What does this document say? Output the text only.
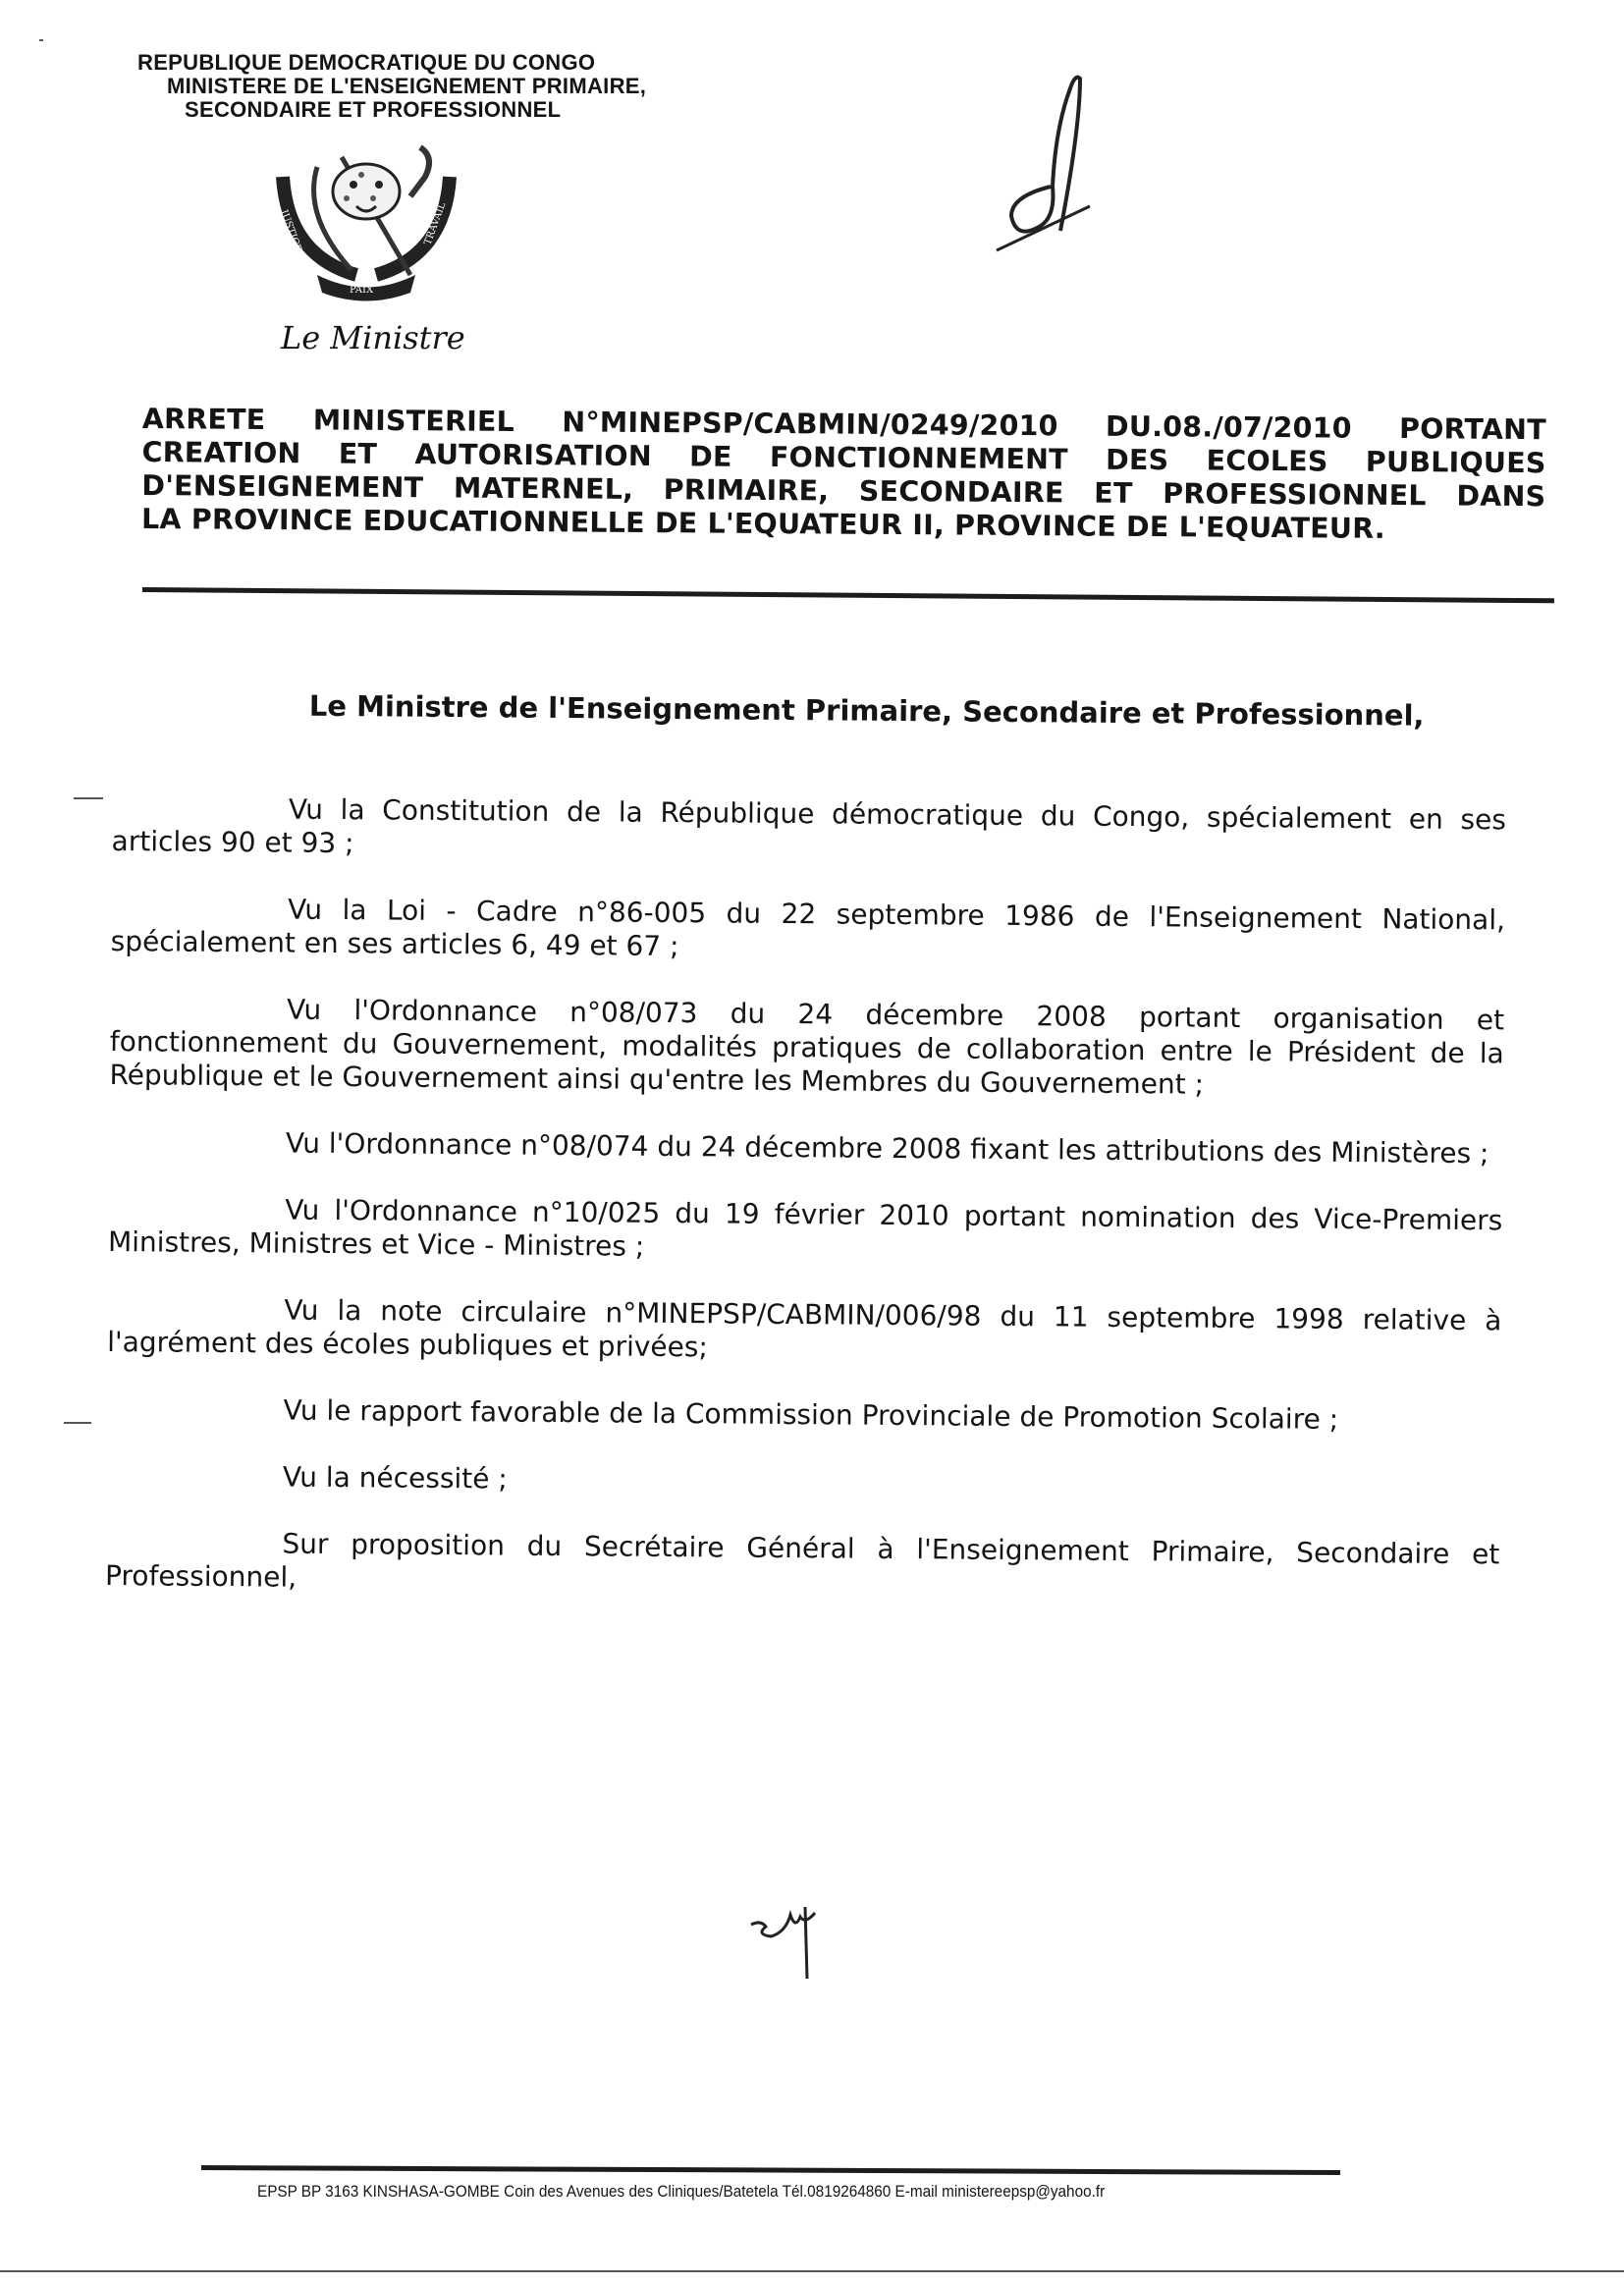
REPUBLIQUE DEMOCRATIQUE DU CONGO
MINISTERE DE L'ENSEIGNEMENT PRIMAIRE,
SECONDAIRE ET PROFESSIONNEL
JUSTICE
PAIX
TRAVAIL
Le Ministre
ARRETE MINISTERIEL N°MINEPSP/CABMIN/0249/2010 DU.08./07/2010 PORTANT
CREATION ET AUTORISATION DE FONCTIONNEMENT DES ECOLES PUBLIQUES
D'ENSEIGNEMENT MATERNEL, PRIMAIRE, SECONDAIRE ET PROFESSIONNEL DANS
LA PROVINCE EDUCATIONNELLE DE L'EQUATEUR II, PROVINCE DE L'EQUATEUR.
Le Ministre de l'Enseignement Primaire, Secondaire et Professionnel,

Vu la Constitution de la République démocratique du Congo, spécialement en ses articles 90 et 93 ;

Vu la Loi - Cadre n°86-005 du 22 septembre 1986 de l'Enseignement National, spécialement en ses articles 6, 49 et 67 ;

Vu l'Ordonnance n°08/073 du 24 décembre 2008 portant organisation et fonctionnement du Gouvernement, modalités pratiques de collaboration entre le Président de la République et le Gouvernement ainsi qu'entre les Membres du Gouvernement ;

Vu l'Ordonnance n°08/074 du 24 décembre 2008 fixant les attributions des Ministères ;

Vu l'Ordonnance n°10/025 du 19 février 2010 portant nomination des Vice-Premiers Ministres, Ministres et Vice - Ministres ;

Vu la note circulaire n°MINEPSP/CABMIN/006/98 du 11 septembre 1998 relative à l'agrément des écoles publiques et privées;

Vu le rapport favorable de la Commission Provinciale de Promotion Scolaire ;

Vu la nécessité ;

Sur proposition du Secrétaire Général à l'Enseignement Primaire, Secondaire et Professionnel,

EPSP BP 3163 KINSHASA-GOMBE Coin des Avenues des Cliniques/Batetela Tél.0819264860 E-mail ministereepsp@yahoo.fr
